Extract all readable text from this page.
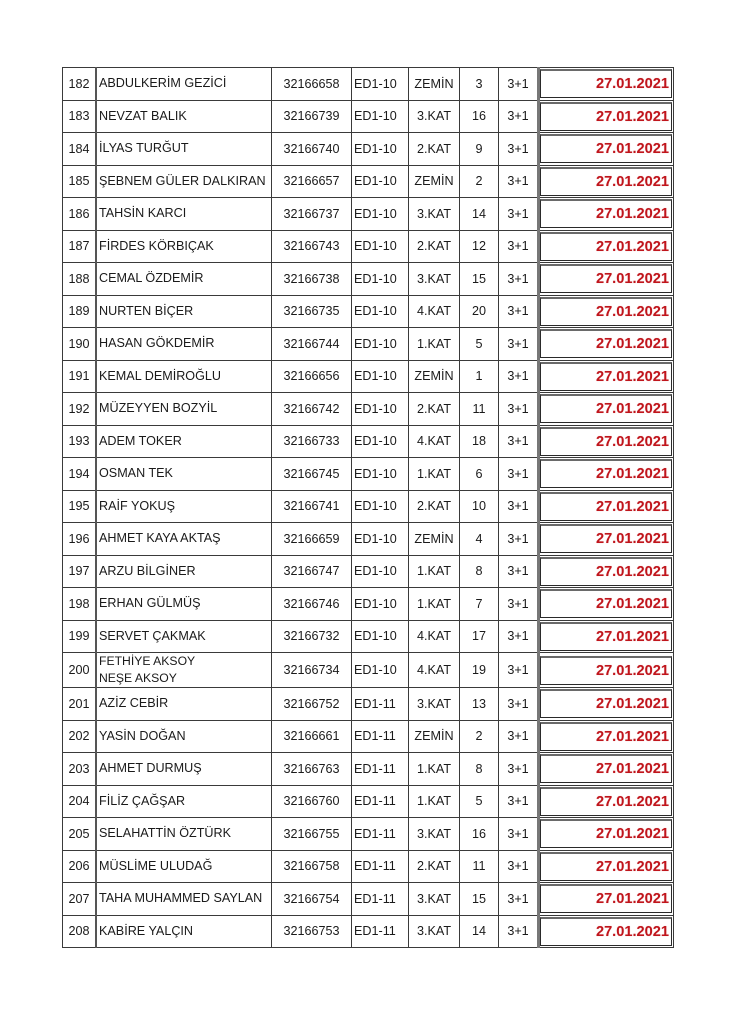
182	ABDULKERİM GEZİCİ	32166658	ED1-10	ZEMİN	3	3+1	27.01.2021

183	NEVZAT BALIK	32166739	ED1-10	3.KAT	16	3+1	27.01.2021

184	İLYAS TURĞUT	32166740	ED1-10	2.KAT	9	3+1	27.01.2021

185	ŞEBNEM GÜLER DALKIRAN	32166657	ED1-10	ZEMİN	2	3+1	27.01.2021

186	TAHSİN KARCI	32166737	ED1-10	3.KAT	14	3+1	27.01.2021

187	FİRDES KÖRBIÇAK	32166743	ED1-10	2.KAT	12	3+1	27.01.2021

188	CEMAL ÖZDEMİR	32166738	ED1-10	3.KAT	15	3+1	27.01.2021

189	NURTEN BİÇER	32166735	ED1-10	4.KAT	20	3+1	27.01.2021

190	HASAN GÖKDEMİR	32166744	ED1-10	1.KAT	5	3+1	27.01.2021

191	KEMAL DEMİROĞLU	32166656	ED1-10	ZEMİN	1	3+1	27.01.2021

192	MÜZEYYEN BOZYİL	32166742	ED1-10	2.KAT	11	3+1	27.01.2021

193	ADEM TOKER	32166733	ED1-10	4.KAT	18	3+1	27.01.2021

194	OSMAN TEK	32166745	ED1-10	1.KAT	6	3+1	27.01.2021

195	RAİF YOKUŞ	32166741	ED1-10	2.KAT	10	3+1	27.01.2021

196	AHMET KAYA AKTAŞ	32166659	ED1-10	ZEMİN	4	3+1	27.01.2021

197	ARZU BİLGİNER	32166747	ED1-10	1.KAT	8	3+1	27.01.2021

198	ERHAN GÜLMÜŞ	32166746	ED1-10	1.KAT	7	3+1	27.01.2021

199	SERVET ÇAKMAK	32166732	ED1-10	4.KAT	17	3+1	27.01.2021

200	FETHİYE AKSOY
NEŞE AKSOY	32166734	ED1-10	4.KAT	19	3+1	27.01.2021

201	AZİZ CEBİR	32166752	ED1-11	3.KAT	13	3+1	27.01.2021

202	YASİN DOĞAN	32166661	ED1-11	ZEMİN	2	3+1	27.01.2021

203	AHMET DURMUŞ	32166763	ED1-11	1.KAT	8	3+1	27.01.2021

204	FİLİZ ÇAĞŞAR	32166760	ED1-11	1.KAT	5	3+1	27.01.2021

205	SELAHATTİN ÖZTÜRK	32166755	ED1-11	3.KAT	16	3+1	27.01.2021

206	MÜSLİME ULUDAĞ	32166758	ED1-11	2.KAT	11	3+1	27.01.2021

207	TAHA MUHAMMED SAYLAN	32166754	ED1-11	3.KAT	15	3+1	27.01.2021

208	KABİRE YALÇIN	32166753	ED1-11	3.KAT	14	3+1	27.01.2021
